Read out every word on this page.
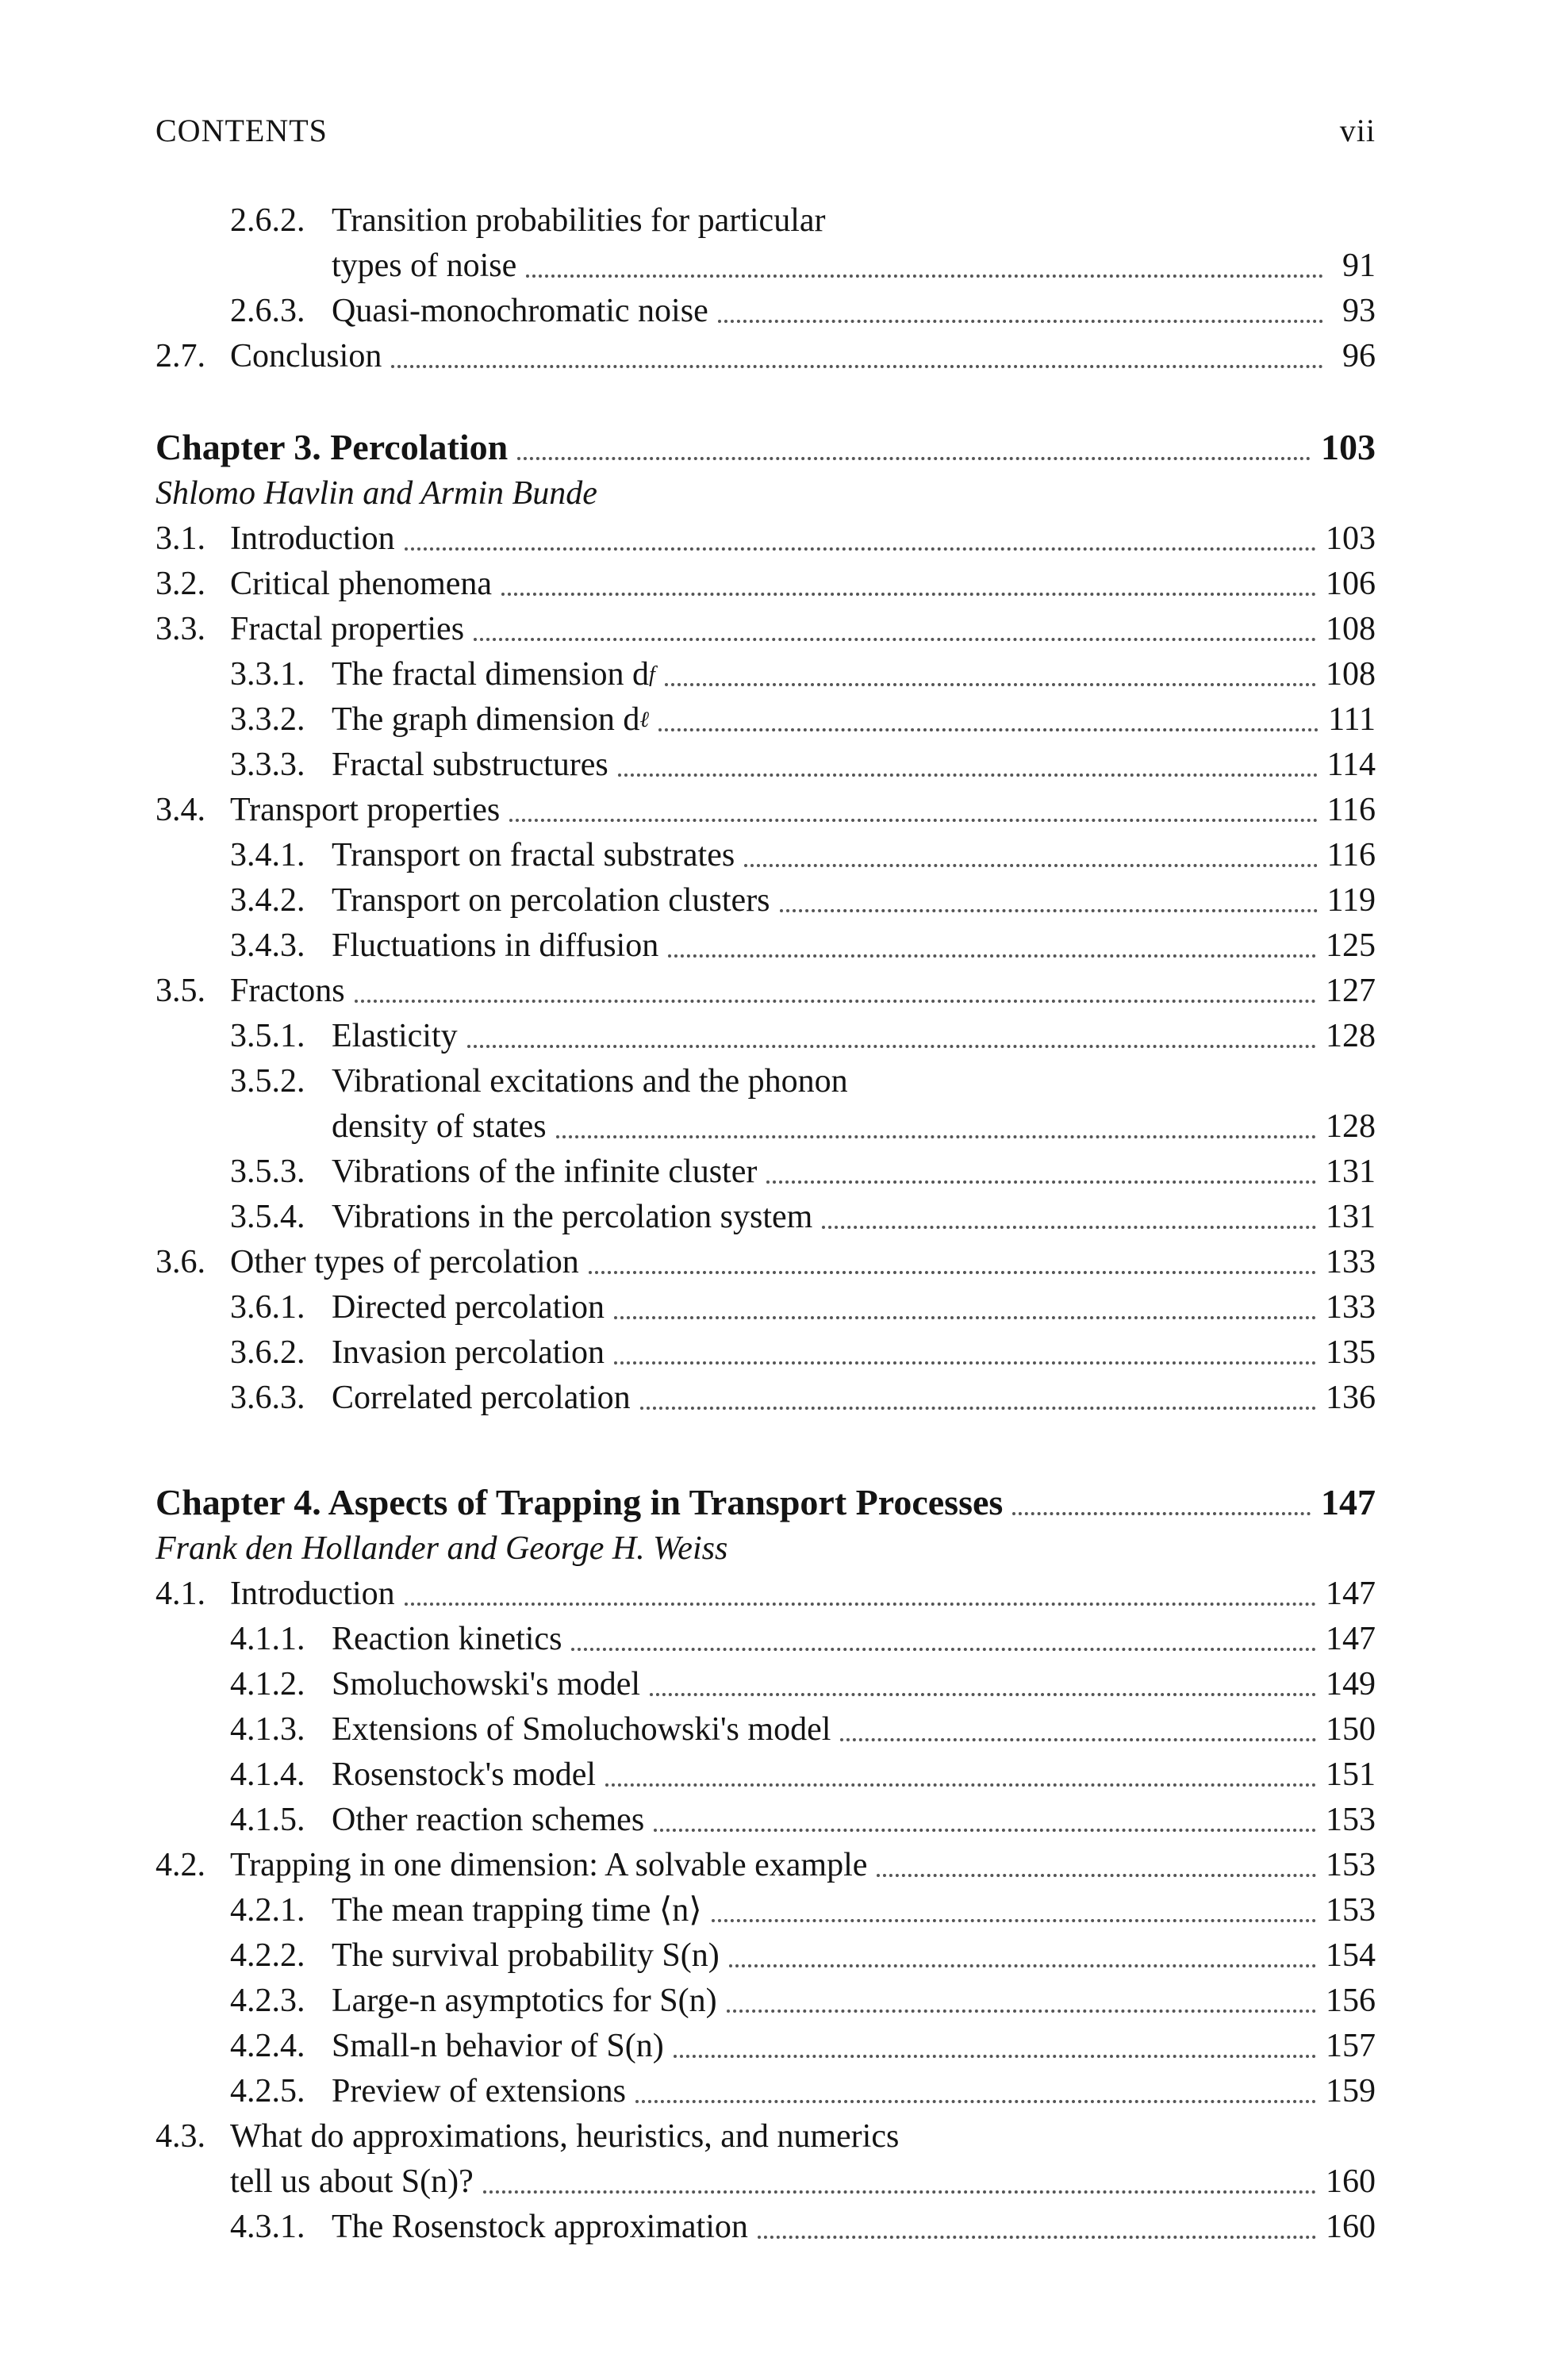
CONTENTS	vii
2.6.2. Transition probabilities for particular
types of noise	91
2.6.3. Quasi-monochromatic noise	93
2.7. Conclusion	96
Chapter 3. Percolation	103
Shlomo Havlin and Armin Bunde
3.1. Introduction	103
3.2. Critical phenomena	106
3.3. Fractal properties	108
3.3.1. The fractal dimension d f	108
3.3.2. The graph dimension d ℓ	111
3.3.3. Fractal substructures	114
3.4. Transport properties	116
3.4.1. Transport on fractal substrates	116
3.4.2. Transport on percolation clusters	119
3.4.3. Fluctuations in diffusion	125
3.5. Fractons	127
3.5.1. Elasticity	128
3.5.2. Vibrational excitations and the phonon
density of states	128
3.5.3. Vibrations of the infinite cluster	131
3.5.4. Vibrations in the percolation system	131
3.6. Other types of percolation	133
3.6.1. Directed percolation	133
3.6.2. Invasion percolation	135
3.6.3. Correlated percolation	136
Chapter 4. Aspects of Trapping in Transport Processes	147
Frank den Hollander and George H. Weiss
4.1. Introduction	147
4.1.1. Reaction kinetics	147
4.1.2. Smoluchowski's model	149
4.1.3. Extensions of Smoluchowski's model	150
4.1.4. Rosenstock's model	151
4.1.5. Other reaction schemes	153
4.2. Trapping in one dimension: A solvable example	153
4.2.1. The mean trapping time ⟨n⟩	153
4.2.2. The survival probability S(n)	154
4.2.3. Large-n asymptotics for S(n)	156
4.2.4. Small-n behavior of S(n)	157
4.2.5. Preview of extensions	159
4.3. What do approximations, heuristics, and numerics
tell us about S(n)?	160
4.3.1. The Rosenstock approximation	160
